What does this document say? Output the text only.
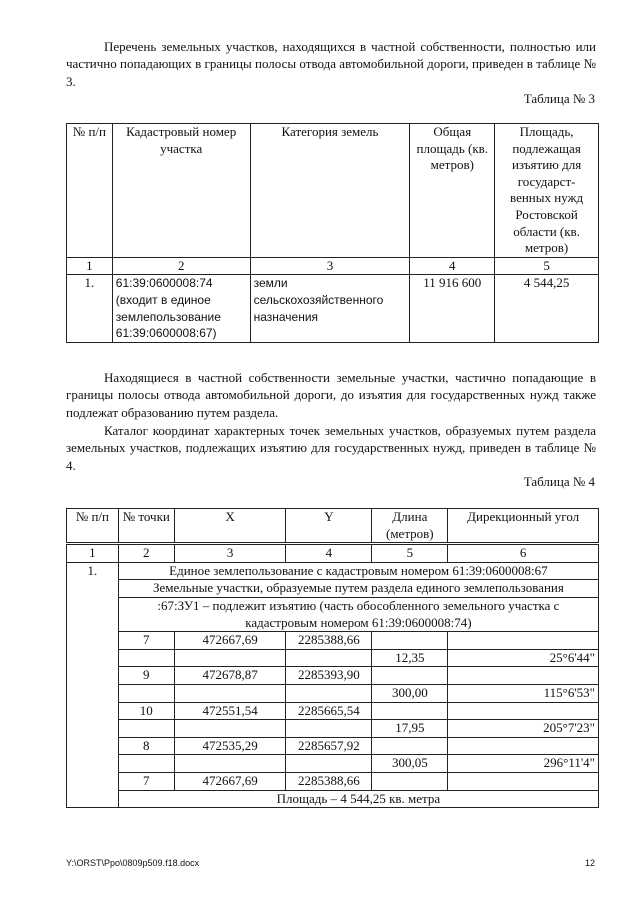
Перечень земельных участков, находящихся в частной собственности, полностью или частично попадающих в границы полосы отвода автомобильной дороги, приведен в таблице № 3.

Таблица № 3

№ п/п	Кадастровый номер участка	Категория земель	Общая площадь (кв. метров)	Площадь, подлежащая изъятию для государст-венных нужд Ростовской области (кв. метров)
1	2	3	4	5
1.	61:39:0600008:74 (входит в единое землепользование 61:39:0600008:67)	земли сельскохозяйственного назначения	11 916 600	4 544,25

Находящиеся в частной собственности земельные участки, частично попадающие в границы полосы отвода автомобильной дороги, до изъятия для государственных нужд также подлежат образованию путем раздела.

Каталог координат характерных точек земельных участков, образуемых путем раздела земельных участков, подлежащих изъятию для государственных нужд, приведен в таблице № 4.

Таблица № 4

№ п/п	№ точки	X	Y	Длина (метров)	Дирекционный угол
1	2	3	4	5	6
1.	Единое землепользование с кадастровым номером 61:39:0600008:67				
	Земельные участки, образуемые путем раздела единого землепользования				
	:67:ЗУ1 – подлежит изъятию (часть обособленного земельного участка с кадастровым номером 61:39:0600008:74)				
	7	472667,69	2285388,66		
				12,35	25°6'44"
	9	472678,87	2285393,90		
				300,00	115°6'53"
	10	472551,54	2285665,54		
				17,95	205°7'23"
	8	472535,29	2285657,92		
				300,05	296°11'4"
	7	472667,69	2285388,66		
	Площадь – 4 544,25 кв. метра				
Y:\ORST\Ppo\0809p509.f18.docx	12
